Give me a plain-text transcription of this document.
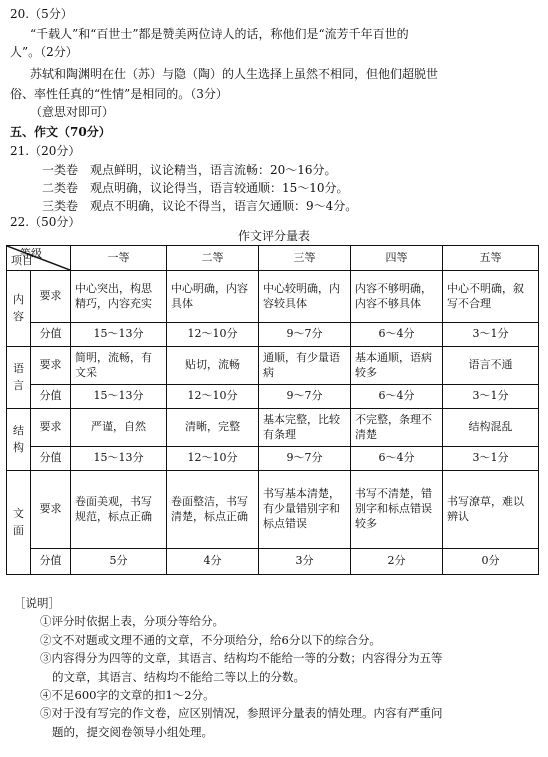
20.（5分）
“千载人”和“百世士”都是赞美两位诗人的话，称他们是“流芳千年百世的
人”。（2分）
苏轼和陶渊明在仕（苏）与隐（陶）的人生选择上虽然不相同，但他们超脱世
俗、率性任真的“性情”是相同的。（3分）
（意思对即可）
五、作文（70分）
21.（20分）
一类卷　观点鲜明，议论精当，语言流畅：20～16分。
二类卷　观点明确，议论得当，语言较通顺：15～10分。
三类卷　观点不明确，议论不得当，语言欠通顺：9～4分。
22.（50分）
作文评分量表
等级
项目		一等	二等	三等	四等	五等
内容	要求	中心突出，构思精巧，内容充实	中心明确，内容具体	中心较明确，内容较具体	内容不够明确，内容不够具体	中心不明确，叙写不合理
	分值	15～13分	12～10分	9～7分	6～4分	3～1分
语言	要求	简明，流畅，有文采	贴切，流畅	通顺，有少量语病	基本通顺，语病较多	语言不通
	分值	15～13分	12～10分	9～7分	6～4分	3～1分
结构	要求	严谨，自然	清晰，完整	基本完整，比较有条理	不完整，条理不清楚	结构混乱
	分值	15～13分	12～10分	9～7分	6～4分	3～1分
文面	要求	卷面美观，书写规范，标点正确	卷面整洁，书写清楚，标点正确	书写基本清楚，有少量错别字和标点错误	书写不清楚，错别字和标点错误较多	书写潦草，难以辨认
	分值	5分	4分	3分	2分	0分
［说明］
①评分时依据上表，分项分等给分。
②文不对题或文理不通的文章，不分项给分，给6分以下的综合分。
③内容得分为四等的文章，其语言、结构均不能给一等的分数；内容得分为五等
的文章，其语言、结构均不能给二等以上的分数。
④不足600字的文章的扣1～2分。
⑤对于没有写完的作文卷，应区别情况，参照评分量表的情处理。内容有严重问
题的，提交阅卷领导小组处理。
